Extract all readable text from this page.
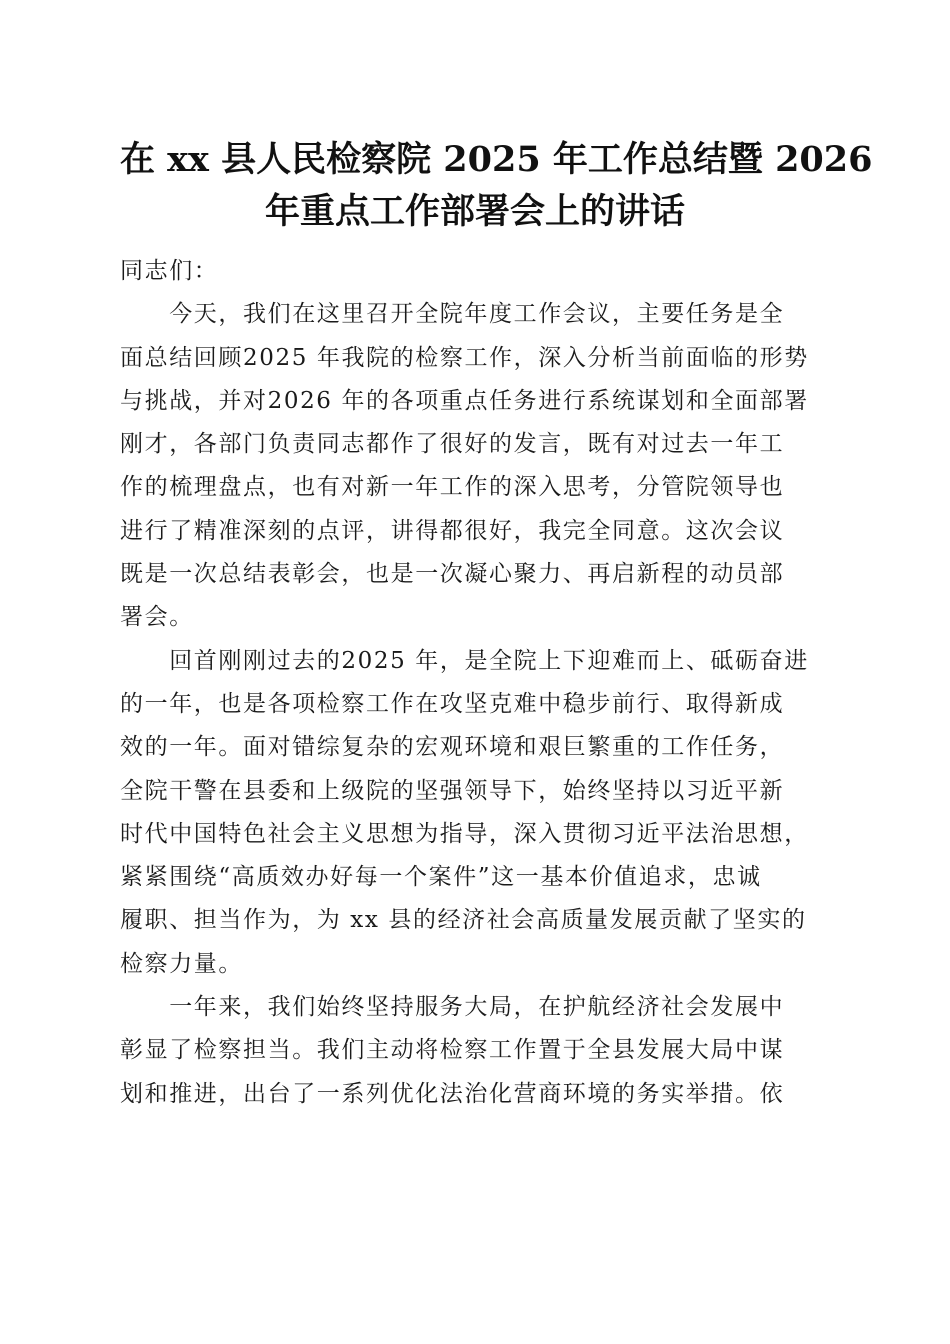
在 xx 县人民检察院 2025 年工作总结暨 2026
年重点工作部署会上的讲话
同志们：
　　今天，我们在这里召开全院年度工作会议，主要任务是全
面总结回顾2025 年我院的检察工作，深入分析当前面临的形势
与挑战，并对2026 年的各项重点任务进行系统谋划和全面部署
刚才，各部门负责同志都作了很好的发言，既有对过去一年工
作的梳理盘点，也有对新一年工作的深入思考，分管院领导也
进行了精准深刻的点评，讲得都很好，我完全同意。这次会议
既是一次总结表彰会，也是一次凝心聚力、再启新程的动员部
署会。
　　回首刚刚过去的2025 年，是全院上下迎难而上、砥砺奋进
的一年，也是各项检察工作在攻坚克难中稳步前行、取得新成
效的一年。面对错综复杂的宏观环境和艰巨繁重的工作任务，
全院干警在县委和上级院的坚强领导下，始终坚持以习近平新
时代中国特色社会主义思想为指导，深入贯彻习近平法治思想，
紧紧围绕“高质效办好每一个案件”这一基本价值追求，忠诚
履职、担当作为，为 xx 县的经济社会高质量发展贡献了坚实的
检察力量。
　　一年来，我们始终坚持服务大局，在护航经济社会发展中
彰显了检察担当。我们主动将检察工作置于全县发展大局中谋
划和推进，出台了一系列优化法治化营商环境的务实举措。依
